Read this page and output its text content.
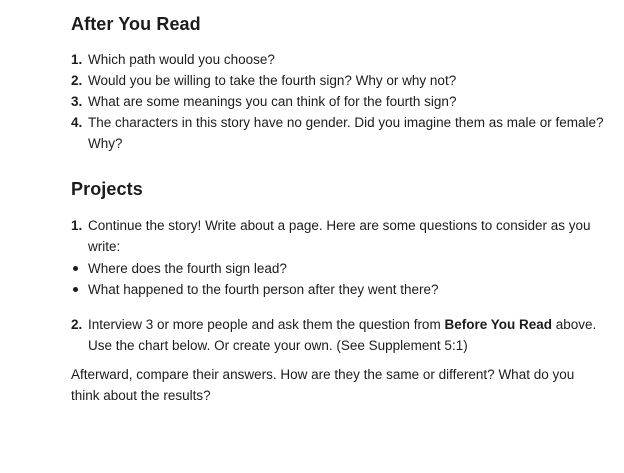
After You Read
1. Which path would you choose?
2. Would you be willing to take the fourth sign? Why or why not?
3. What are some meanings you can think of for the fourth sign?
4. The characters in this story have no gender. Did you imagine them as male or female? Why?
Projects
1. Continue the story! Write about a page. Here are some questions to consider as you write:
Where does the fourth sign lead?
What happened to the fourth person after they went there?
2. Interview 3 or more people and ask them the question from Before You Read above. Use the chart below. Or create your own. (See Supplement 5:1)

Afterward, compare their answers. How are they the same or different? What do you think about the results?
